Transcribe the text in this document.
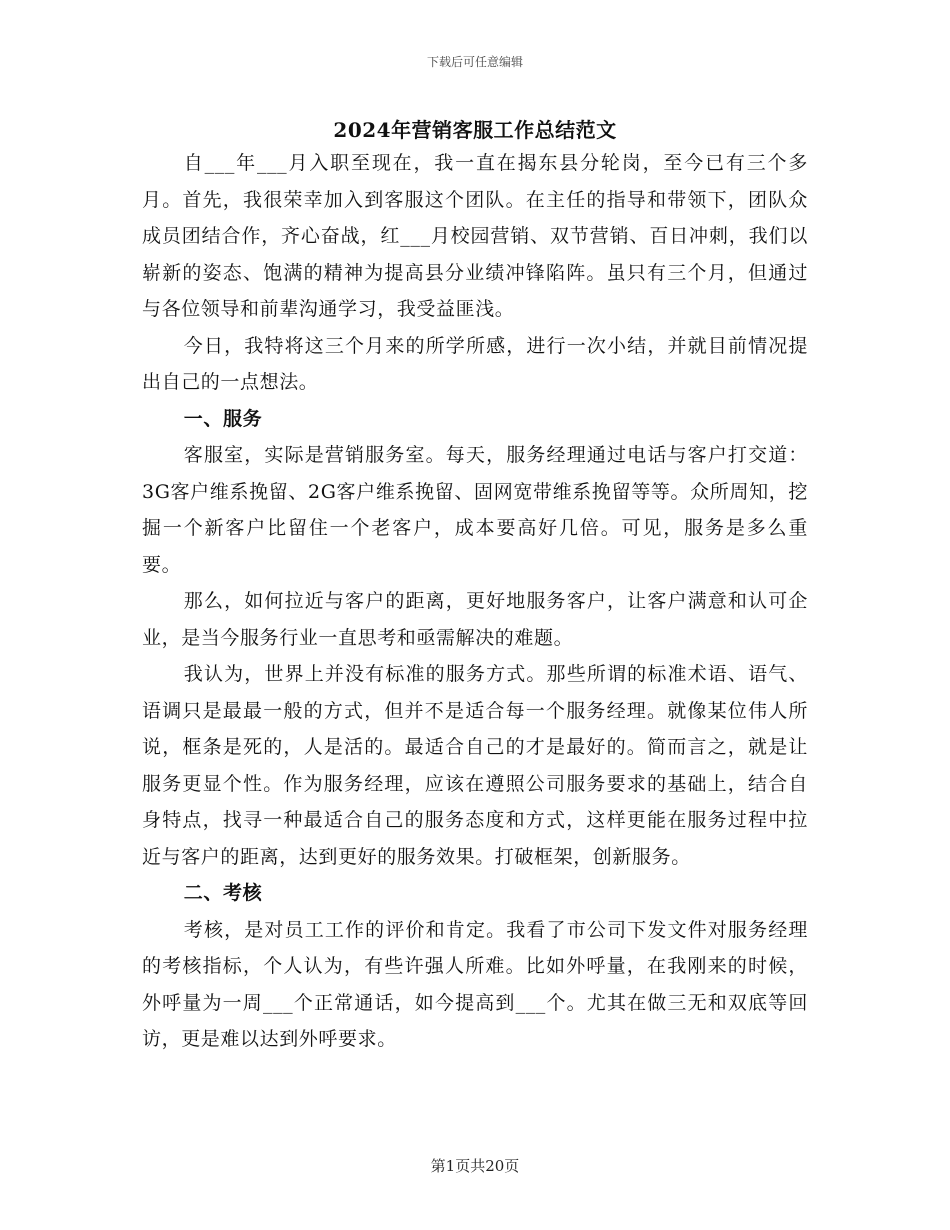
下载后可任意编辑
2024年营销客服工作总结范文

自___年___月入职至现在，我一直在揭东县分轮岗，至今已有三个多月。首先，我很荣幸加入到客服这个团队。在主任的指导和带领下，团队众成员团结合作，齐心奋战，红___月校园营销、双节营销、百日冲刺，我们以崭新的姿态、饱满的精神为提高县分业绩冲锋陷阵。虽只有三个月，但通过与各位领导和前辈沟通学习，我受益匪浅。

今日，我特将这三个月来的所学所感，进行一次小结，并就目前情况提出自己的一点想法。

一、服务

客服室，实际是营销服务室。每天，服务经理通过电话与客户打交道：3G客户维系挽留、2G客户维系挽留、固网宽带维系挽留等等。众所周知，挖掘一个新客户比留住一个老客户，成本要高好几倍。可见，服务是多么重要。

那么，如何拉近与客户的距离，更好地服务客户，让客户满意和认可企业，是当今服务行业一直思考和亟需解决的难题。

我认为，世界上并没有标准的服务方式。那些所谓的标准术语、语气、语调只是最最一般的方式，但并不是适合每一个服务经理。就像某位伟人所说，框条是死的，人是活的。最适合自己的才是最好的。简而言之，就是让服务更显个性。作为服务经理，应该在遵照公司服务要求的基础上，结合自身特点，找寻一种最适合自己的服务态度和方式，这样更能在服务过程中拉近与客户的距离，达到更好的服务效果。打破框架，创新服务。

二、考核

考核，是对员工工作的评价和肯定。我看了市公司下发文件对服务经理的考核指标，个人认为，有些许强人所难。比如外呼量，在我刚来的时候，外呼量为一周___个正常通话，如今提高到___个。尤其在做三无和双底等回访，更是难以达到外呼要求。

第1页共20页
